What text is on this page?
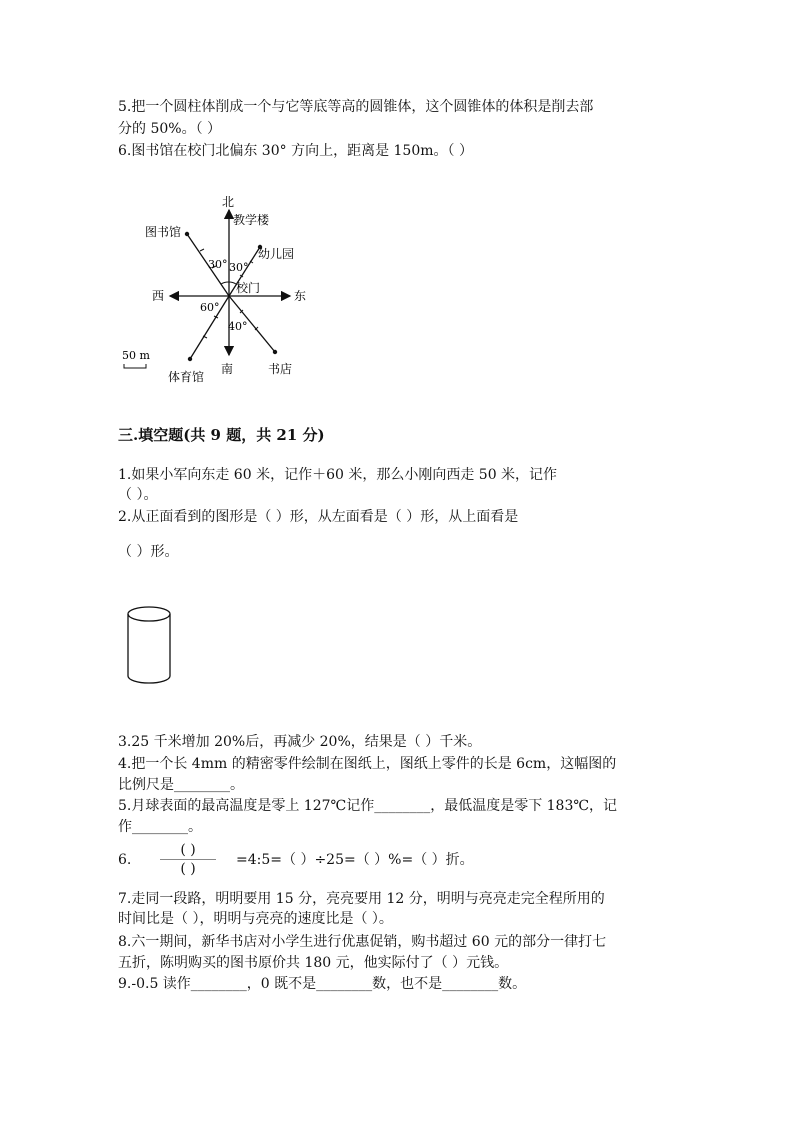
5.把一个圆柱体削成一个与它等底等高的圆锥体，这个圆锥体的体积是削去部
分的 50%。（ ）
6.图书馆在校门北偏东 30° 方向上，距离是 150m。（ ）
北
教学楼
图书馆
幼儿园
30° 30°
校门
西	东
60°
40°
50 m
南	书店
体育馆
三.填空题(共 9 题，共 21 分)
1.如果小军向东走 60 米，记作＋60 米，那么小刚向西走 50 米，记作
（ ）。
2.从正面看到的图形是（ ）形，从左面看是（ ）形，从上面看是
（ ）形。
3.25 千米增加 20%后，再减少 20%，结果是（ ）千米。
4.把一个长 4mm 的精密零件绘制在图纸上，图纸上零件的长是 6cm，这幅图的
比例尺是________。
5.月球表面的最高温度是零上 127℃记作________，最低温度是零下 183℃，记
作________。
6.
( )
( )
=4:5=（ ）÷25=（ ）%=（ ）折。
7.走同一段路，明明要用 15 分，亮亮要用 12 分，明明与亮亮走完全程所用的
时间比是（ ），明明与亮亮的速度比是（ ）。
8.六一期间，新华书店对小学生进行优惠促销，购书超过 60 元的部分一律打七
五折，陈明购买的图书原价共 180 元，他实际付了（ ）元钱。
9.-0.5 读作________，0 既不是________数，也不是________数。
